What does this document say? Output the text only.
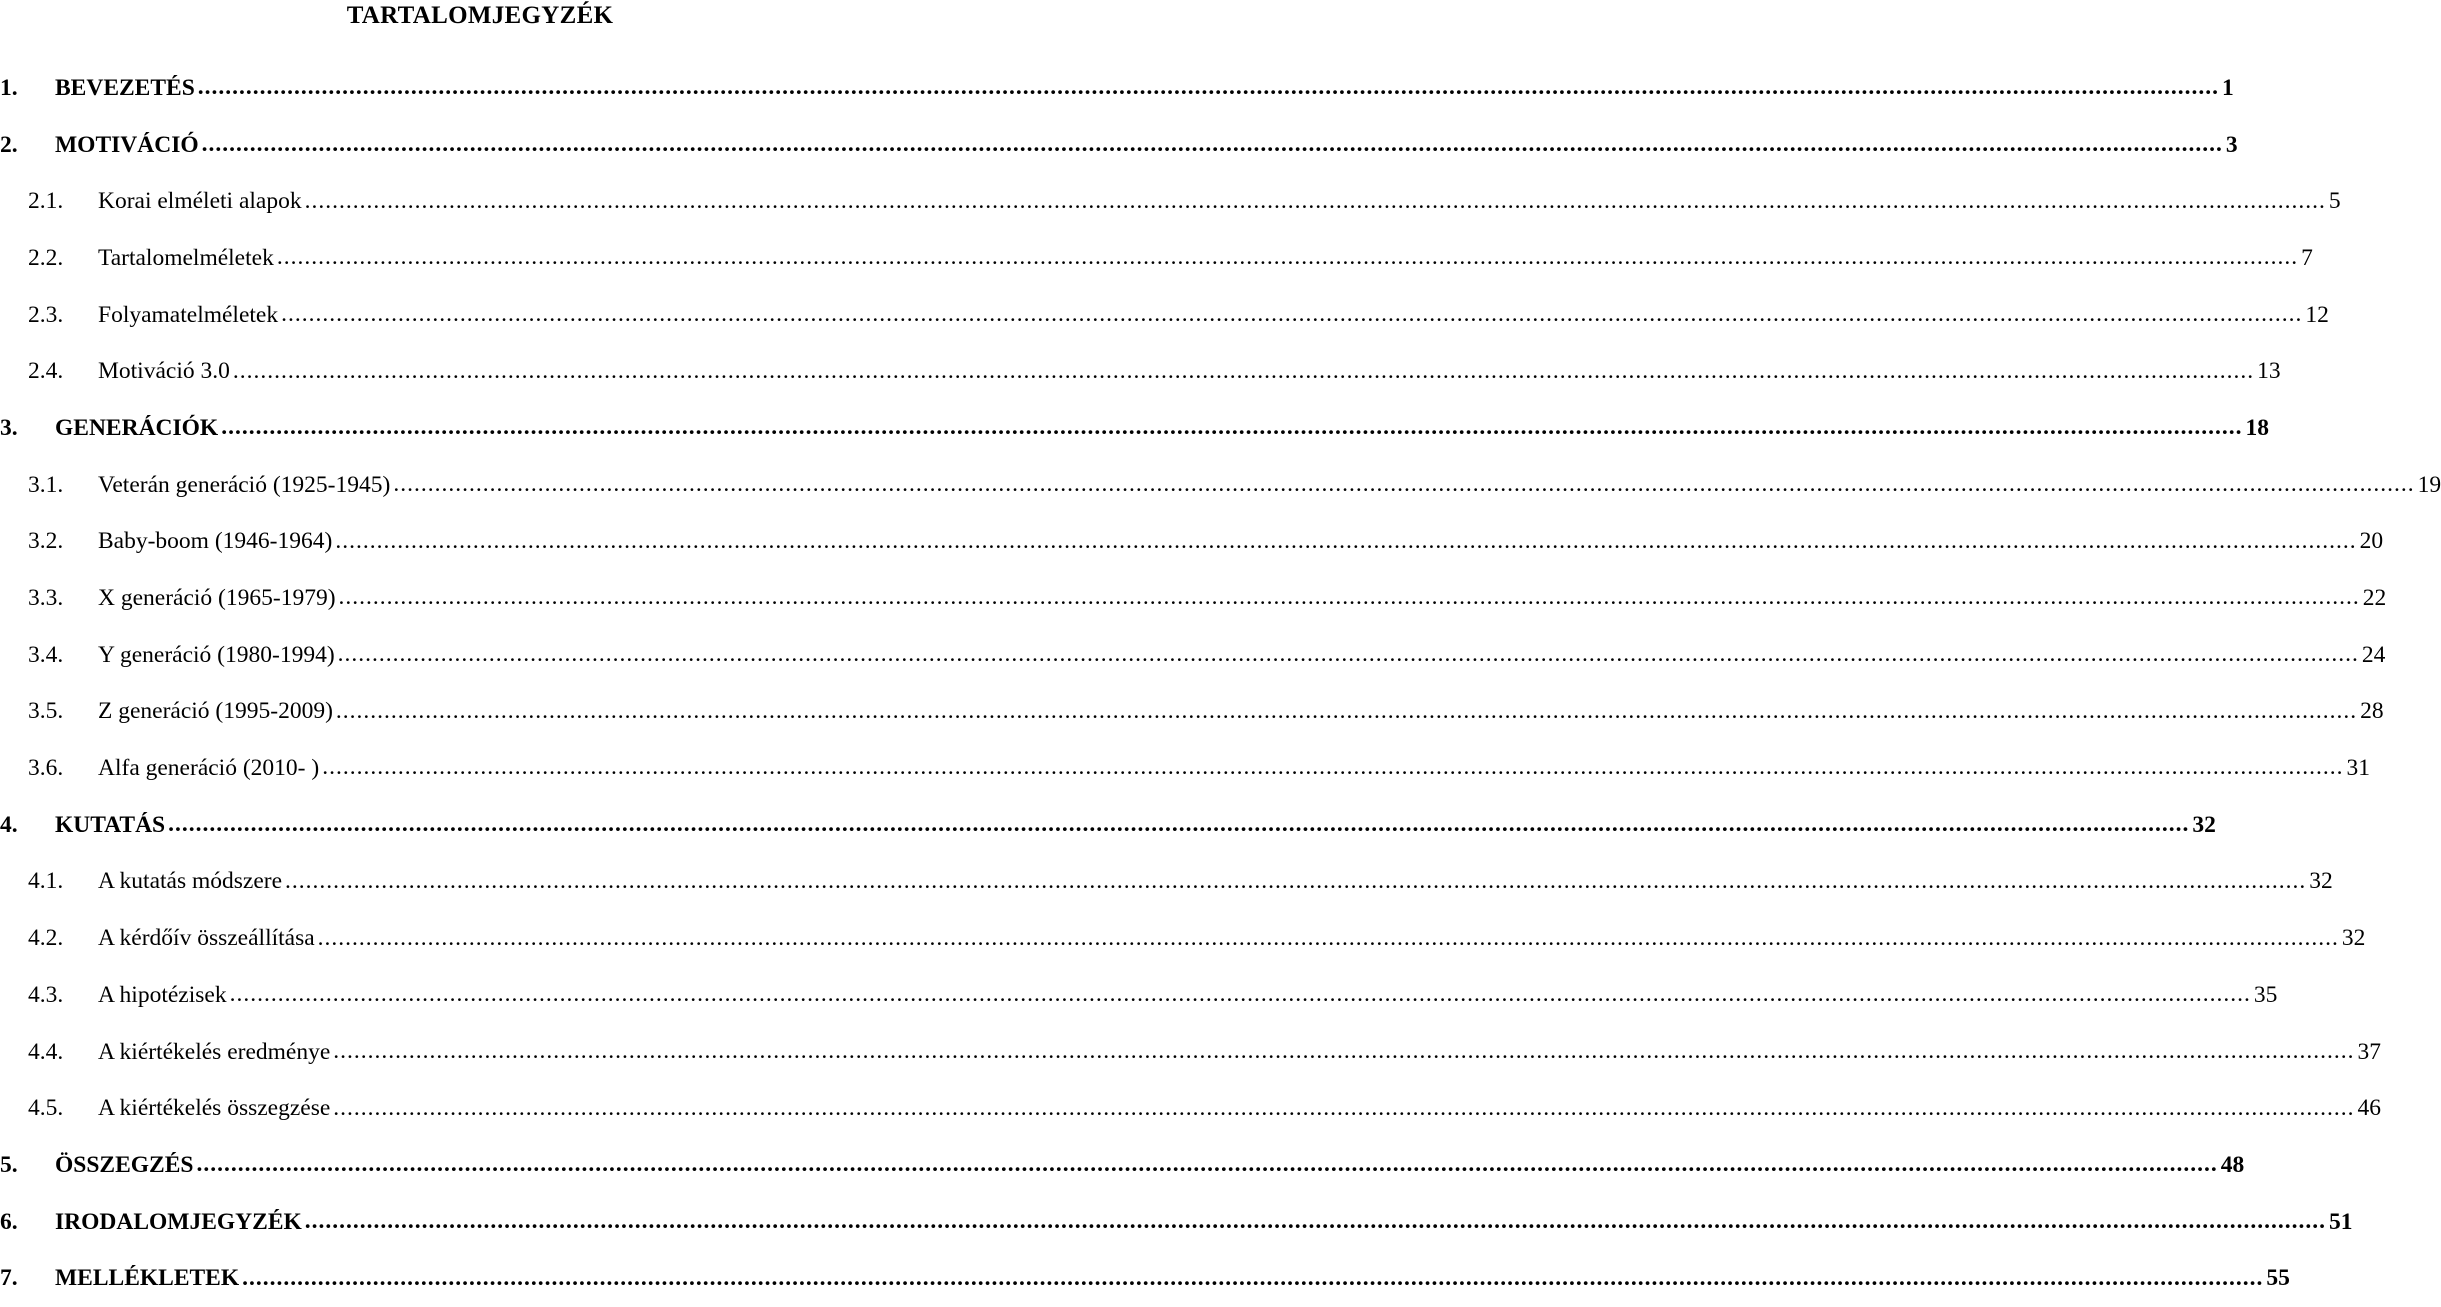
TARTALOMJEGYZÉK
1.	BEVEZETÉS .....	1
2.	MOTIVÁCIÓ .....	3
2.1.	Korai elméleti alapok .....	5
2.2.	Tartalomelméletek .....	7
2.3.	Folyamatelméletek .....	12
2.4.	Motiváció 3.0 .....	13
3.	GENERÁCIÓK .....	18
3.1.	Veterán generáció (1925-1945) .....	19
3.2.	Baby-boom (1946-1964) .....	20
3.3.	X generáció (1965-1979) .....	22
3.4.	Y generáció (1980-1994) .....	24
3.5.	Z generáció (1995-2009) .....	28
3.6.	Alfa generáció (2010- ) .....	31
4.	KUTATÁS .....	32
4.1.	A kutatás módszere .....	32
4.2.	A kérdőív összeállítása .....	32
4.3.	A hipotézisek .....	35
4.4.	A kiértékelés eredménye .....	37
4.5.	A kiértékelés összegzése .....	46
5.	ÖSSZEGZÉS .....	48
6.	IRODALOMJEGYZÉK .....	51
7.	MELLÉKLETEK .....	55
